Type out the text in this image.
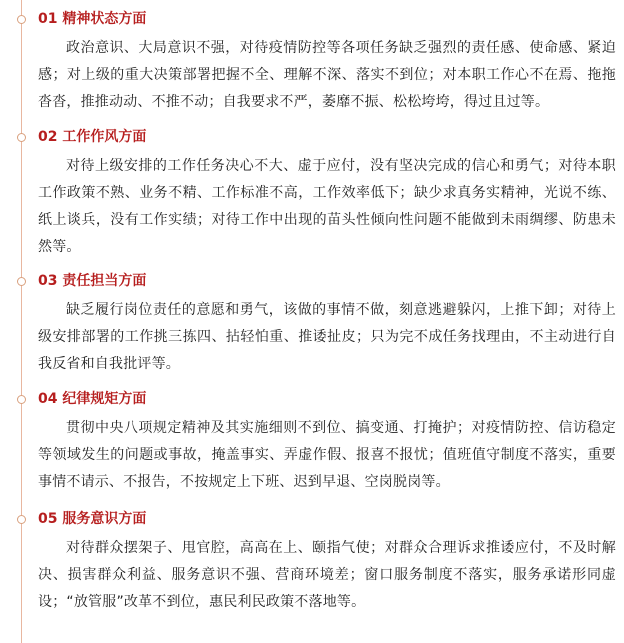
01 精神状态方面
政治意识、大局意识不强，对待疫情防控等各项任务缺乏强烈的责任感、使命感、紧迫感；对上级的重大决策部署把握不全、理解不深、落实不到位；对本职工作心不在焉、拖拖沓沓，推推动动、不推不动；自我要求不严，萎靡不振、松松垮垮，得过且过等。
02 工作作风方面
对待上级安排的工作任务决心不大、虚于应付，没有坚决完成的信心和勇气；对待本职工作政策不熟、业务不精、工作标准不高，工作效率低下；缺少求真务实精神，光说不练、纸上谈兵，没有工作实绩；对待工作中出现的苗头性倾向性问题不能做到未雨绸缪、防患未然等。
03 责任担当方面
缺乏履行岗位责任的意愿和勇气，该做的事情不做，刻意逃避躲闪，上推下卸；对待上级安排部署的工作挑三拣四、拈轻怕重、推诿扯皮；只为完不成任务找理由，不主动进行自我反省和自我批评等。
04 纪律规矩方面
贯彻中央八项规定精神及其实施细则不到位、搞变通、打掩护；对疫情防控、信访稳定等领域发生的问题或事故，掩盖事实、弄虚作假、报喜不报忧；值班值守制度不落实，重要事情不请示、不报告，不按规定上下班、迟到早退、空岗脱岗等。
05 服务意识方面
对待群众摆架子、甩官腔，高高在上、颐指气使；对群众合理诉求推诿应付，不及时解决、损害群众利益、服务意识不强、营商环境差；窗口服务制度不落实，服务承诺形同虚设；“放管服”改革不到位，惠民利民政策不落地等。
